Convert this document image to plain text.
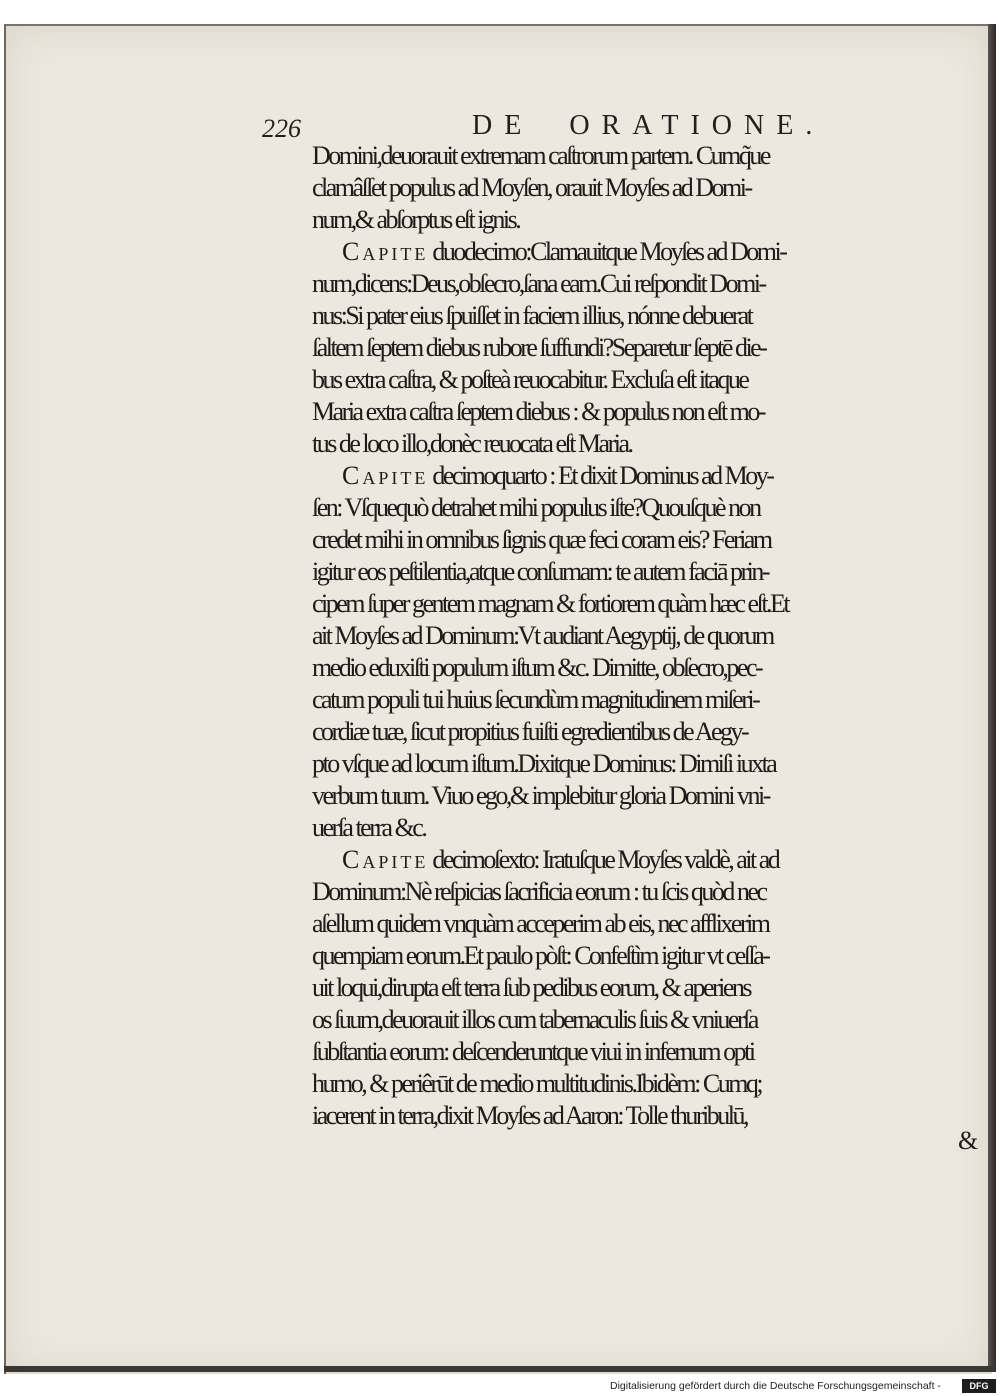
226	DE ORATIONE.
Domini,deuorauit extremam caſtrorum partem. Cumq̃ue
clamâſſet populus ad Moyſen, orauit Moyſes ad Domi-
num,& abſorptus eſt ignis.
Capite duodecimo:Clamauitque Moyſes ad Domi-
num,dicens:Deus,obſecro,ſana eam.Cui reſpondit Domi-
nus:Si pater eius ſpuiſſet in faciem illius, nónne debuerat
ſaltem ſeptem diebus rubore ſuffundi?Separetur ſeptē die-
bus extra caſtra, & poſteà reuocabitur. Excluſa eſt itaque
Maria extra caſtra ſeptem diebus : & populus non eſt mo-
tus de loco illo,donèc reuocata eſt Maria.
Capite decimoquarto : Et dixit Dominus ad Moy-
ſen: Vſquequò detrahet mihi populus iſte?Quouſquè non
credet mihi in omnibus ſignis quæ feci coram eis? Feriam
igitur eos peſtilentia,atque conſumam: te autem faciā prin-
cipem ſuper gentem magnam & fortiorem quàm hæc eſt.Et
ait Moyſes ad Dominum:Vt audiant Aegyptij, de quorum
medio eduxiſti populum iſtum &c. Dimitte, obſecro,pec-
catum populi tui huius ſecundùm magnitudinem miſeri-
cordiæ tuæ, ſicut propitius fuiſti egredientibus de Aegy-
pto vſque ad locum iſtum.Dixitque Dominus: Dimiſi iuxta
verbum tuum. Viuo ego,& implebitur gloria Domini vni-
uerſa terra &c.
Capite decimoſexto: Iratuſque Moyſes valdè, ait ad
Dominum:Nè reſpicias ſacrificia eorum : tu ſcis quòd nec
aſellum quidem vnquàm acceperim ab eis, nec afflixerim
quempiam eorum.Et paulo pòſt: Confeſtìm igitur vt ceſſa-
uit loqui,dirupta eſt terra ſub pedibus eorum, & aperiens
os ſuum,deuorauit illos cum tabernaculis ſuis & vniuerſa
ſubſtantia eorum: deſcenderuntque viui in infernum opti
humo, & periêrūt de medio multitudinis.Ibidèm: Cumq;
iacerent in terra,dixit Moyſes ad Aaron: Tolle thuribulū,
&
Digitalisierung gefördert durch die Deutsche Forschungsgemeinschaft -	DFG
